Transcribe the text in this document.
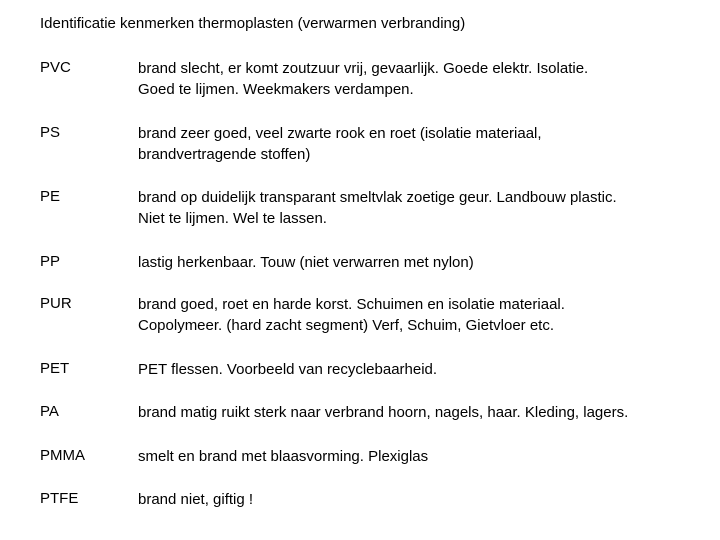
Identificatie kenmerken thermoplasten (verwarmen verbranding)
PVC	brand slecht, er komt zoutzuur vrij, gevaarlijk. Goede elektr. Isolatie.
Goed te lijmen. Weekmakers verdampen.
PS	brand zeer goed, veel zwarte rook en roet (isolatie materiaal,
brandvertragende stoffen)
PE	brand op duidelijk transparant smeltvlak zoetige geur. Landbouw plastic.
Niet te lijmen. Wel te lassen.
PP	lastig herkenbaar. Touw (niet verwarren met nylon)
PUR	brand goed, roet en harde korst. Schuimen en isolatie materiaal.
Copolymeer. (hard zacht segment) Verf, Schuim, Gietvloer etc.
PET	PET flessen. Voorbeeld van recyclebaarheid.
PA	brand matig ruikt sterk naar verbrand hoorn, nagels, haar. Kleding, lagers.
PMMA	smelt en brand met blaasvorming. Plexiglas
PTFE	brand niet, giftig !
